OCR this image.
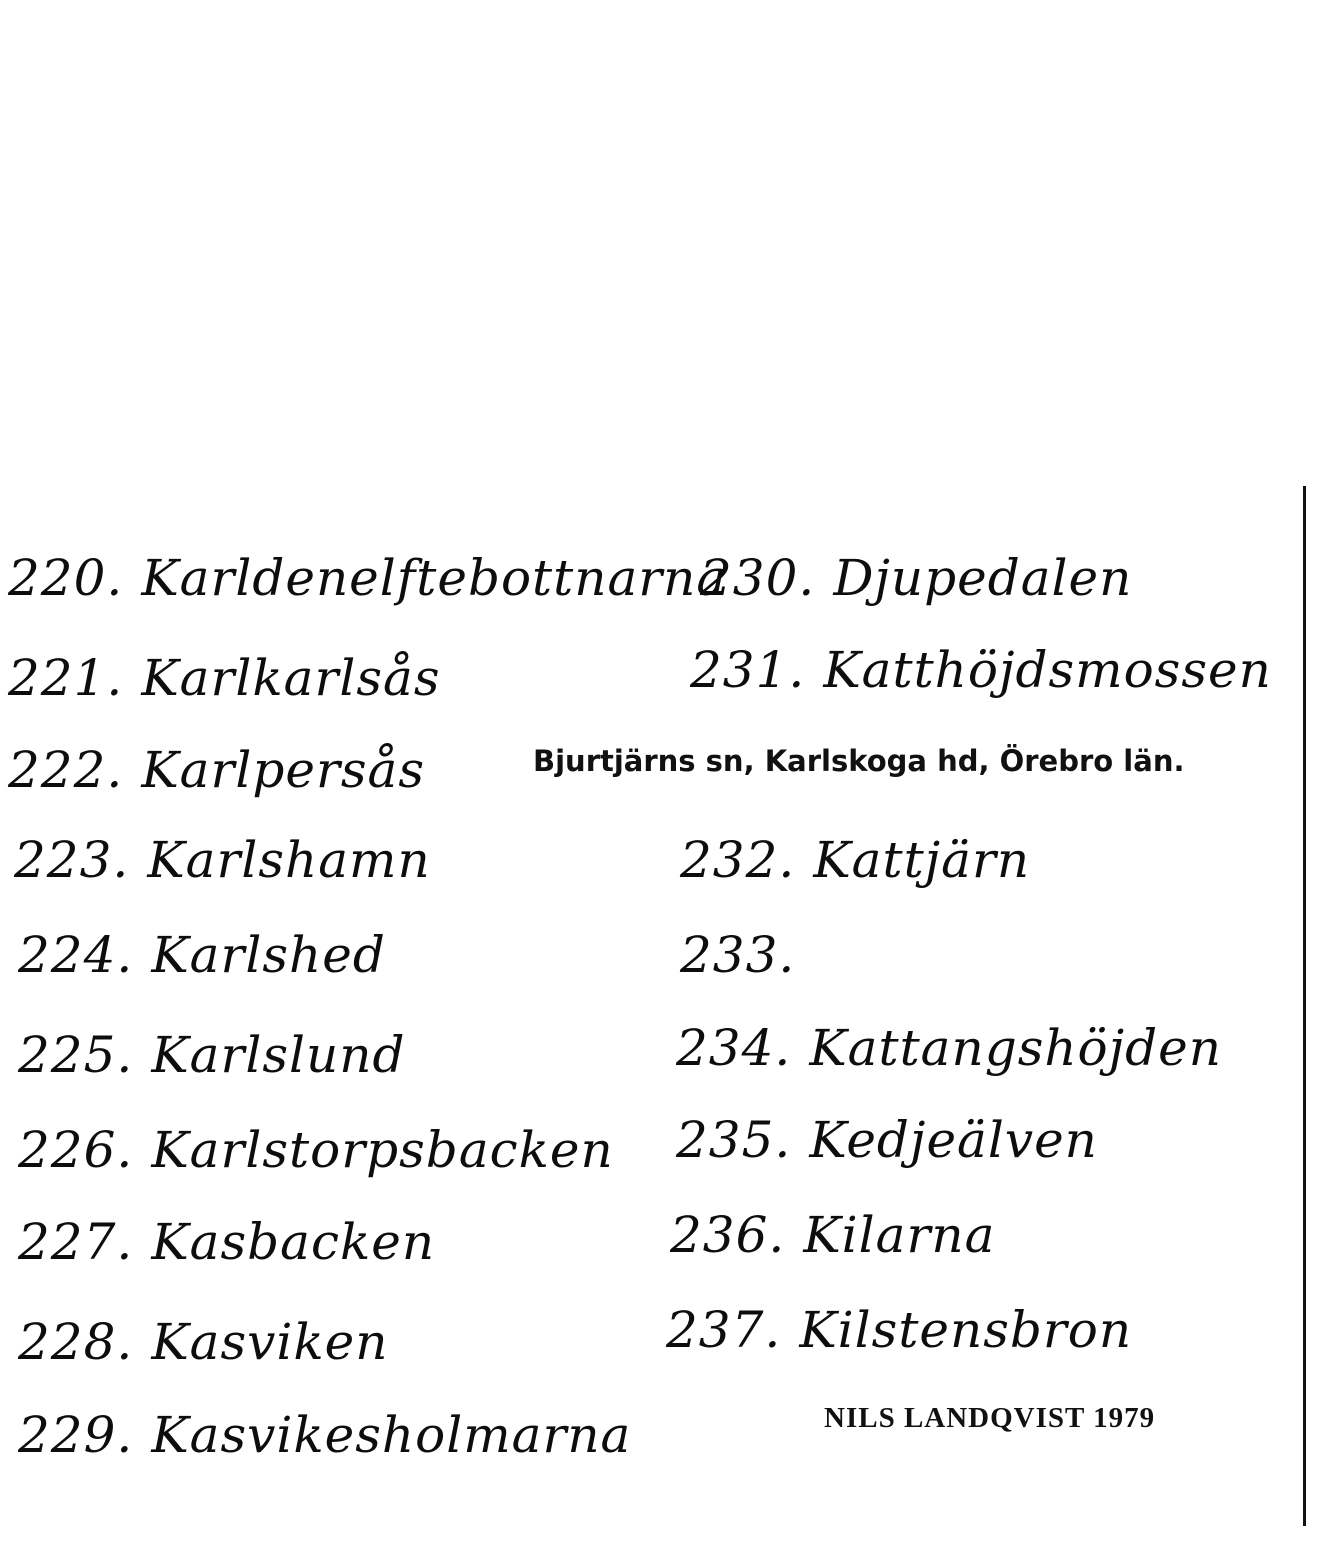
220. Karldenelftebottnarna
221. Karlkarlsås
222. Karlpersås
223. Karlshamn
224. Karlshed
225. Karlslund
226. Karlstorpsbacken
227. Kasbacken
228. Kasviken
229. Kasvikesholmarna
230. Djupedalen
231. Katthöjdsmossen
Bjurtjärns sn, Karlskoga hd, Örebro län.
232. Kattjärn
233.
234. Kattangshöjden
235. Kedjeälven
236. Kilarna
237. Kilstensbron
NILS LANDQVIST 1979
